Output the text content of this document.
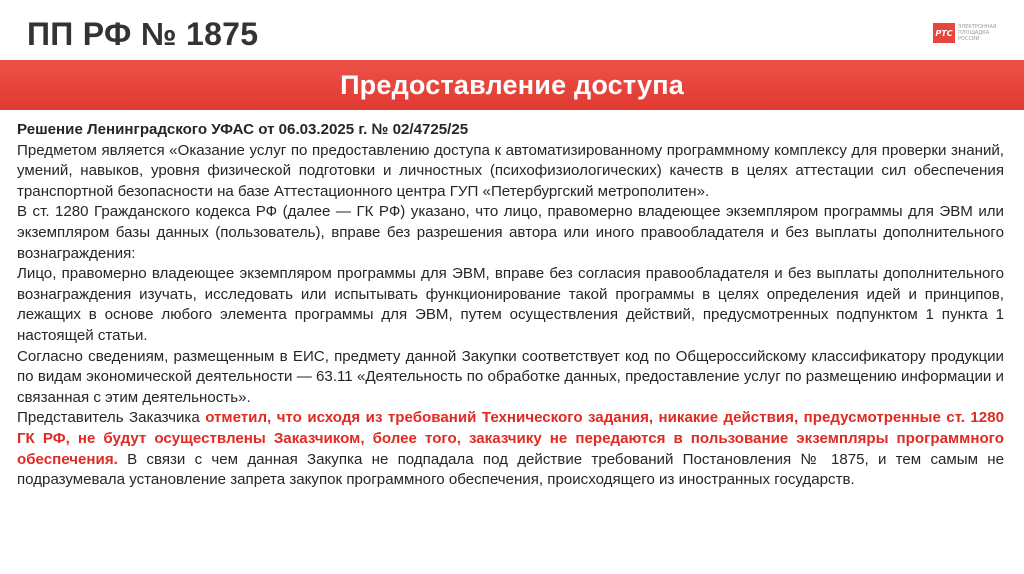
ПП РФ № 1875	РТС
ЭЛЕКТРОННАЯ ПЛОЩАДКА РОССИИ
Предоставление доступа

Решение Ленинградского УФАС от 06.03.2025 г. № 02/4725/25

Предметом является «Оказание услуг по предоставлению доступа к автоматизированному программному комплексу для проверки знаний, умений, навыков, уровня физической подготовки и личностных (психофизиологических) качеств в целях аттестации сил обеспечения транспортной безопасности на базе Аттестационного центра ГУП «Петербургский метрополитен».

В ст. 1280 Гражданского кодекса РФ (далее — ГК РФ) указано, что лицо, правомерно владеющее экземпляром программы для ЭВМ или экземпляром базы данных (пользователь), вправе без разрешения автора или иного правообладателя и без выплаты дополнительного вознаграждения:

Лицо, правомерно владеющее экземпляром программы для ЭВМ, вправе без согласия правообладателя и без выплаты дополнительного вознаграждения изучать, исследовать или испытывать функционирование такой программы в целях определения идей и принципов, лежащих в основе любого элемента программы для ЭВМ, путем осуществления действий, предусмотренных подпунктом 1 пункта 1 настоящей статьи.

Согласно сведениям, размещенным в ЕИС, предмету данной Закупки соответствует код по Общероссийскому классификатору продукции по видам экономической деятельности — 63.11 «Деятельность по обработке данных, предоставление услуг по размещению информации и связанная с этим деятельность».

Представитель Заказчика отметил, что исходя из требований Технического задания, никакие действия, предусмотренные ст. 1280 ГК РФ, не будут осуществлены Заказчиком, более того, заказчику не передаются в пользование экземпляры программного обеспечения. В связи с чем данная Закупка не подпадала под действие требований Постановления № 1875, и тем самым не подразумевала установление запрета закупок программного обеспечения, происходящего из иностранных государств.
